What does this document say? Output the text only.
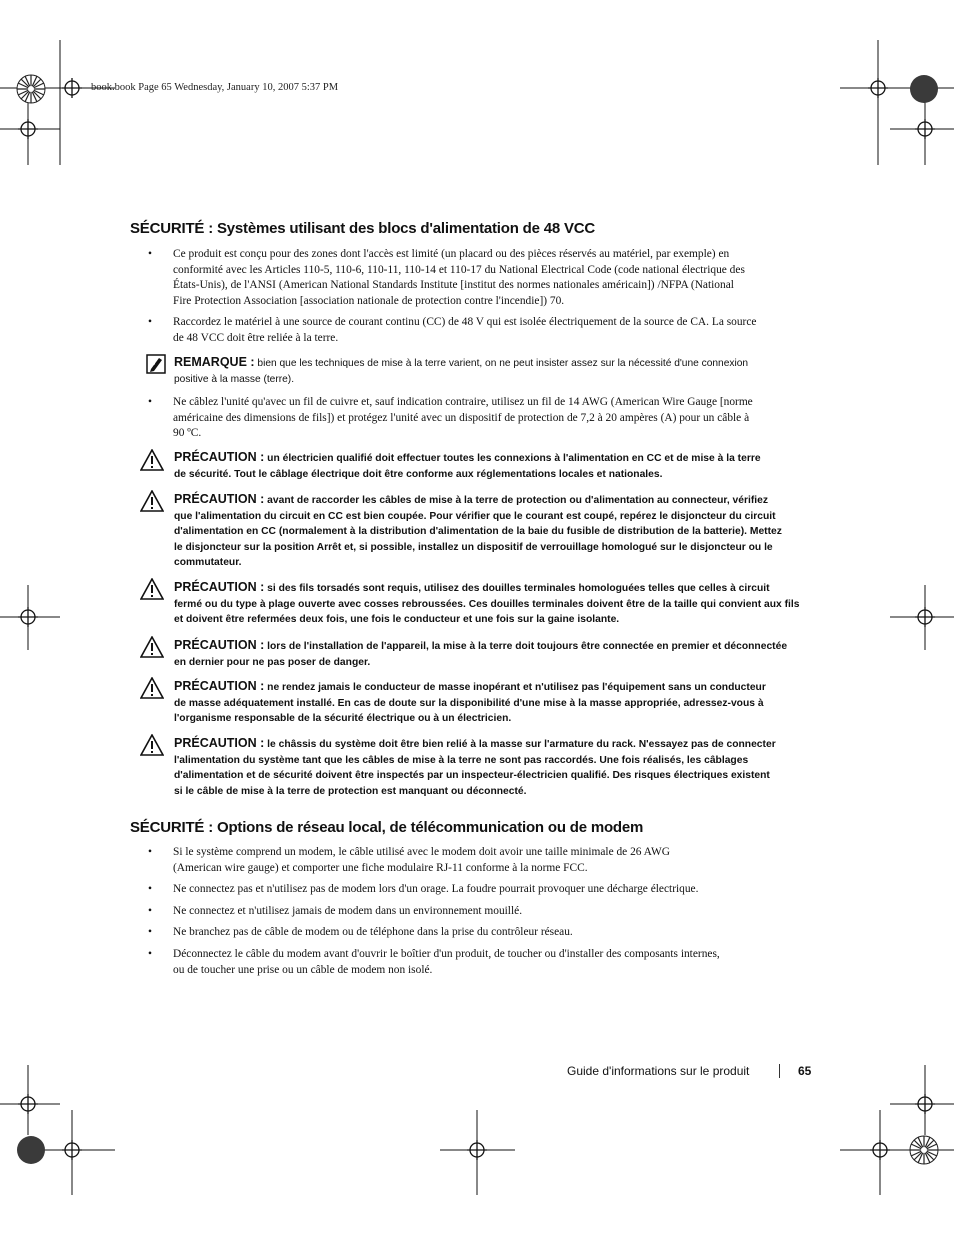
book.book Page 65 Wednesday, January 10, 2007 5:37 PM
SÉCURITÉ : Systèmes utilisant des blocs d'alimentation de 48 VCC
• Ce produit est conçu pour des zones dont l'accès est limité (un placard ou des pièces réservés au matériel, par exemple) en
conformité avec les Articles 110-5, 110-6, 110-11, 110-14 et 110-17 du National Electrical Code (code national électrique des
États-Unis), de l'ANSI (American National Standards Institute [institut des normes nationales américain]) /NFPA (National
Fire Protection Association [association nationale de protection contre l'incendie]) 70.
• Raccordez le matériel à une source de courant continu (CC) de 48 V qui est isolée électriquement de la source de CA. La source
de 48 VCC doit être reliée à la terre.
REMARQUE : bien que les techniques de mise à la terre varient, on ne peut insister assez sur la nécessité d'une connexion
positive à la masse (terre).
• Ne câblez l'unité qu'avec un fil de cuivre et, sauf indication contraire, utilisez un fil de 14 AWG (American Wire Gauge [norme
américaine des dimensions de fils]) et protégez l'unité avec un dispositif de protection de 7,2 à 20 ampères (A) pour un câble à
90 ºC.
PRÉCAUTION : un électricien qualifié doit effectuer toutes les connexions à l'alimentation en CC et de mise à la terre
de sécurité. Tout le câblage électrique doit être conforme aux réglementations locales et nationales.
PRÉCAUTION : avant de raccorder les câbles de mise à la terre de protection ou d'alimentation au connecteur, vérifiez
que l'alimentation du circuit en CC est bien coupée. Pour vérifier que le courant est coupé, repérez le disjoncteur du circuit
d'alimentation en CC (normalement à la distribution d'alimentation de la baie du fusible de distribution de la batterie). Mettez
le disjoncteur sur la position Arrêt et, si possible, installez un dispositif de verrouillage homologué sur le disjoncteur ou le
commutateur.
PRÉCAUTION : si des fils torsadés sont requis, utilisez des douilles terminales homologuées telles que celles à circuit
fermé ou du type à plage ouverte avec cosses rebroussées. Ces douilles terminales doivent être de la taille qui convient aux fils
et doivent être refermées deux fois, une fois le conducteur et une fois sur la gaine isolante.
PRÉCAUTION : lors de l'installation de l'appareil, la mise à la terre doit toujours être connectée en premier et déconnectée
en dernier pour ne pas poser de danger.
PRÉCAUTION : ne rendez jamais le conducteur de masse inopérant et n'utilisez pas l'équipement sans un conducteur
de masse adéquatement installé. En cas de doute sur la disponibilité d'une mise à la masse appropriée, adressez-vous à
l'organisme responsable de la sécurité électrique ou à un électricien.
PRÉCAUTION : le châssis du système doit être bien relié à la masse sur l'armature du rack. N'essayez pas de connecter
l'alimentation du système tant que les câbles de mise à la terre ne sont pas raccordés. Une fois réalisés, les câblages
d'alimentation et de sécurité doivent être inspectés par un inspecteur-électricien qualifié. Des risques électriques existent
si le câble de mise à la terre de protection est manquant ou déconnecté.
SÉCURITÉ : Options de réseau local, de télécommunication ou de modem
• Si le système comprend un modem, le câble utilisé avec le modem doit avoir une taille minimale de 26 AWG
(American wire gauge) et comporter une fiche modulaire RJ-11 conforme à la norme FCC.
• Ne connectez pas et n'utilisez pas de modem lors d'un orage. La foudre pourrait provoquer une décharge électrique.
• Ne connectez et n'utilisez jamais de modem dans un environnement mouillé.
• Ne branchez pas de câble de modem ou de téléphone dans la prise du contrôleur réseau.
• Déconnectez le câble du modem avant d'ouvrir le boîtier d'un produit, de toucher ou d'installer des composants internes,
ou de toucher une prise ou un câble de modem non isolé.
Guide d'informations sur le produit	65
